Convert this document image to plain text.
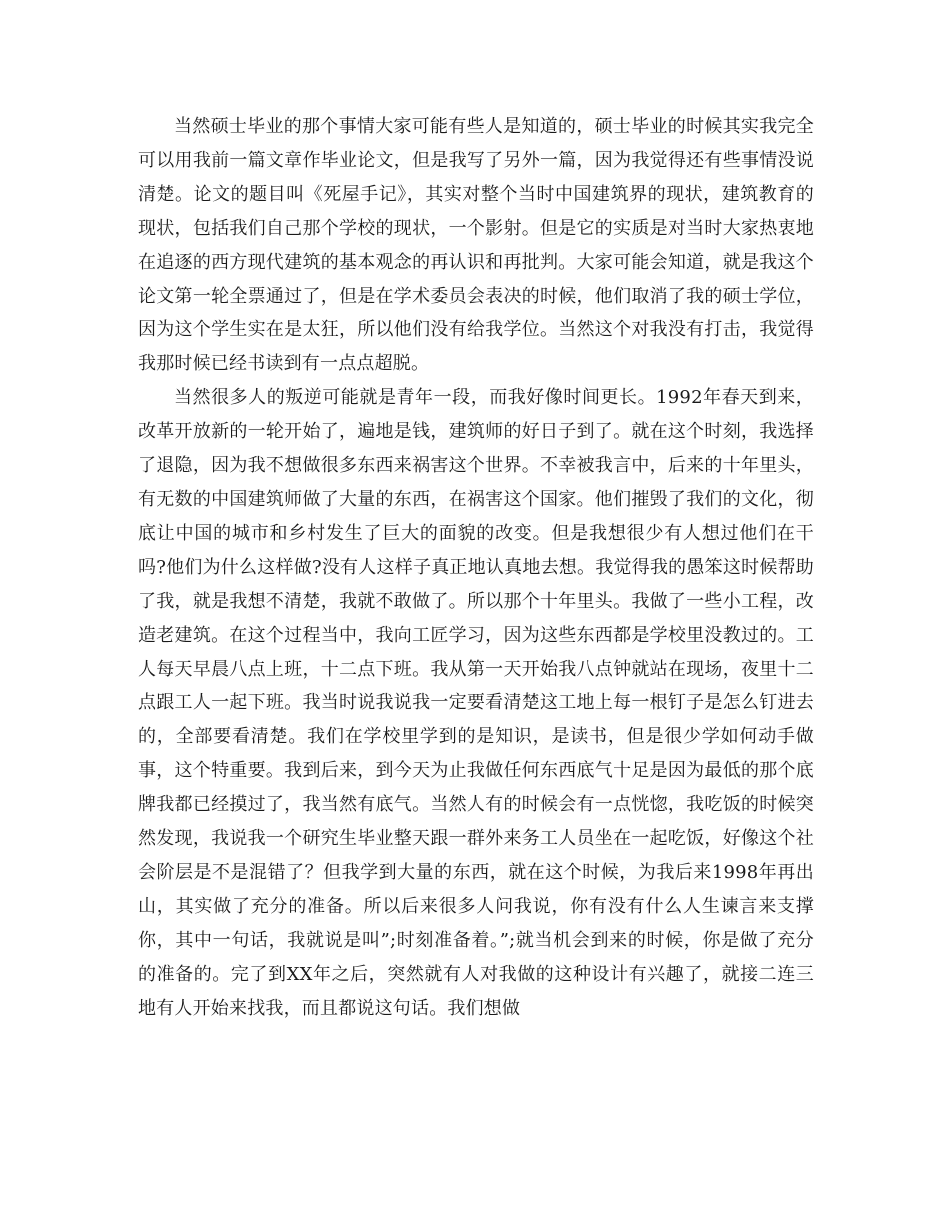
当然硕士毕业的那个事情大家可能有些人是知道的，硕士毕业的时候其实我完全可以用我前一篇文章作毕业论文，但是我写了另外一篇，因为我觉得还有些事情没说清楚。论文的题目叫《死屋手记》，其实对整个当时中国建筑界的现状，建筑教育的现状，包括我们自己那个学校的现状，一个影射。但是它的实质是对当时大家热衷地在追逐的西方现代建筑的基本观念的再认识和再批判。大家可能会知道，就是我这个论文第一轮全票通过了，但是在学术委员会表决的时候，他们取消了我的硕士学位，因为这个学生实在是太狂，所以他们没有给我学位。当然这个对我没有打击，我觉得我那时候已经书读到有一点点超脱。

当然很多人的叛逆可能就是青年一段，而我好像时间更长。1992年春天到来，改革开放新的一轮开始了，遍地是钱，建筑师的好日子到了。就在这个时刻，我选择了退隐，因为我不想做很多东西来祸害这个世界。不幸被我言中，后来的十年里头，有无数的中国建筑师做了大量的东西，在祸害这个国家。他们摧毁了我们的文化，彻底让中国的城市和乡村发生了巨大的面貌的改变。但是我想很少有人想过他们在干吗?他们为什么这样做?没有人这样子真正地认真地去想。我觉得我的愚笨这时候帮助了我，就是我想不清楚，我就不敢做了。所以那个十年里头。我做了一些小工程，改造老建筑。在这个过程当中，我向工匠学习，因为这些东西都是学校里没教过的。工人每天早晨八点上班，十二点下班。我从第一天开始我八点钟就站在现场，夜里十二点跟工人一起下班。我当时说我说我一定要看清楚这工地上每一根钉子是怎么钉进去的，全部要看清楚。我们在学校里学到的是知识，是读书，但是很少学如何动手做事，这个特重要。我到后来，到今天为止我做任何东西底气十足是因为最低的那个底牌我都已经摸过了，我当然有底气。当然人有的时候会有一点恍惚，我吃饭的时候突然发现，我说我一个研究生毕业整天跟一群外来务工人员坐在一起吃饭，好像这个社会阶层是不是混错了？但我学到大量的东西，就在这个时候，为我后来1998年再出山，其实做了充分的准备。所以后来很多人问我说，你有没有什么人生谏言来支撑你，其中一句话，我就说是叫”;时刻准备着。”;就当机会到来的时候，你是做了充分的准备的。完了到XX年之后，突然就有人对我做的这种设计有兴趣了，就接二连三地有人开始来找我，而且都说这句话。我们想做
